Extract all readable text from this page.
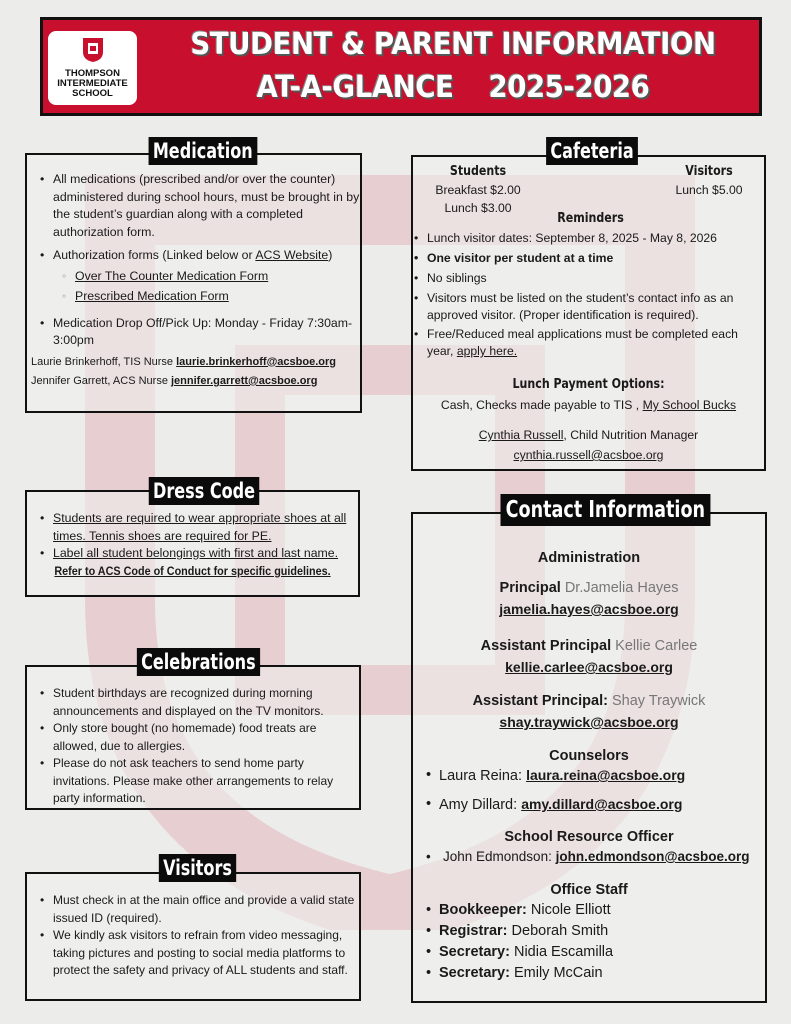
THOMPSON INTERMEDIATE SCHOOL
STUDENT & PARENT INFORMATION
AT-A-GLANCE 2025-2026
• All medications (prescribed and/or over the counter) administered during school hours, must be brought in by the student’s guardian along with a completed authorization form.
• Authorization forms (Linked below or ACS Website)
◦ Over The Counter Medication Form
◦ Prescribed Medication Form
• Medication Drop Off/Pick Up: Monday - Friday 7:30am-3:00pm
Laurie Brinkerhoff, TIS Nurse laurie.brinkerhoff@acsboe.org
Jennifer Garrett, ACS Nurse jennifer.garrett@acsboe.org
Medication
• Students are required to wear appropriate shoes at all times. Tennis shoes are required for PE.
• Label all student belongings with first and last name.
Refer to ACS Code of Conduct for specific guidelines.
Dress Code
• Student birthdays are recognized during morning announcements and displayed on the TV monitors.
• Only store bought (no homemade) food treats are allowed, due to allergies.
• Please do not ask teachers to send home party invitations. Please make other arrangements to relay party information.
Celebrations
• Must check in at the main office and provide a valid state issued ID (required).
• We kindly ask visitors to refrain from video messaging, taking pictures and posting to social media platforms to protect the safety and privacy of ALL students and staff.
Visitors
Students
Breakfast $2.00
Lunch $3.00
Visitors
Lunch $5.00
Reminders
• Lunch visitor dates: September 8, 2025 - May 8, 2026
• One visitor per student at a time
• No siblings
• Visitors must be listed on the student’s contact info as an approved visitor. (Proper identification is required).
• Free/Reduced meal applications must be completed each year, apply here.
Lunch Payment Options:
Cash, Checks made payable to TIS , My School Bucks
Cynthia Russell, Child Nutrition Manager
cynthia.russell@acsboe.org
Cafeteria
Administration
Principal Dr.Jamelia Hayes
jamelia.hayes@acsboe.org
Assistant Principal Kellie Carlee
kellie.carlee@acsboe.org
Assistant Principal: Shay Traywick
shay.traywick@acsboe.org
Counselors
• Laura Reina: laura.reina@acsboe.org
• Amy Dillard: amy.dillard@acsboe.org
School Resource Officer
• John Edmondson: john.edmondson@acsboe.org
Office Staff
• Bookkeeper: Nicole Elliott
• Registrar: Deborah Smith
• Secretary: Nidia Escamilla
• Secretary: Emily McCain
Contact Information
